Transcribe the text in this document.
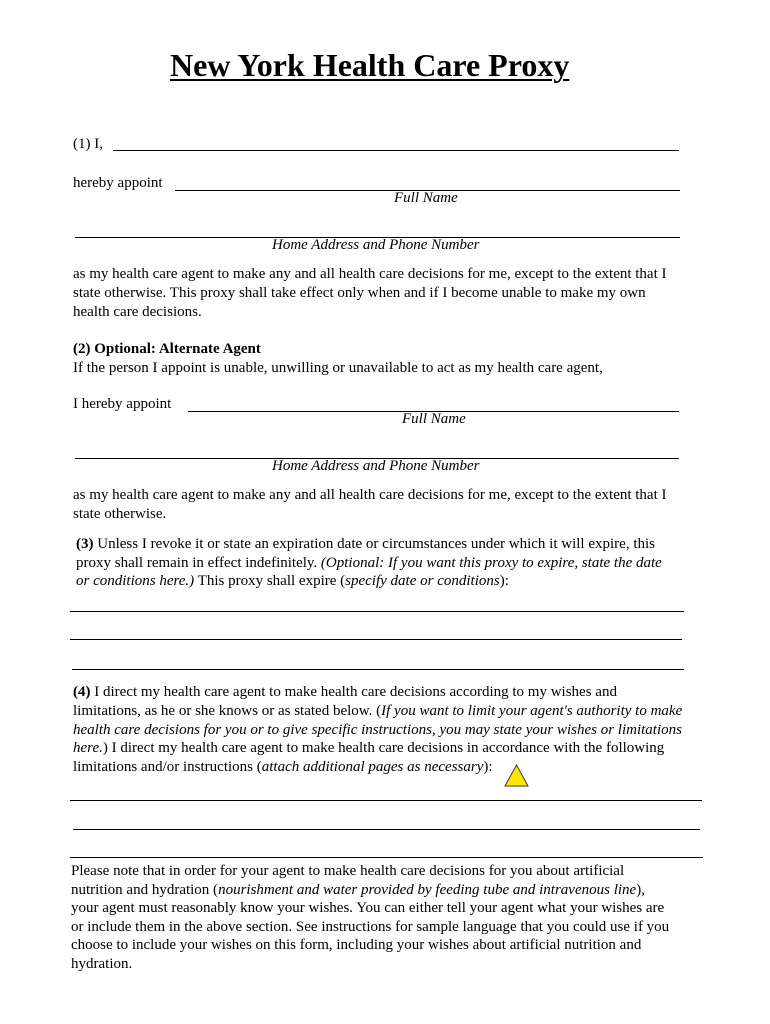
New York Health Care Proxy
(1) I,
hereby appoint
Full Name
Home Address and Phone Number
as my health care agent to make any and all health care decisions for me, except to the extent that I
state otherwise. This proxy shall take effect only when and if I become unable to make my own
health care decisions.
(2) Optional: Alternate Agent
If the person I appoint is unable, unwilling or unavailable to act as my health care agent,
I hereby appoint
Full Name
Home Address and Phone Number
as my health care agent to make any and all health care decisions for me, except to the extent that I
state otherwise.
(3) Unless I revoke it or state an expiration date or circumstances under which it will expire, this
proxy shall remain in effect indefinitely. (Optional: If you want this proxy to expire, state the date
or conditions here.) This proxy shall expire (specify date or conditions):
(4) I direct my health care agent to make health care decisions according to my wishes and
limitations, as he or she knows or as stated below. (If you want to limit your agent's authority to make
health care decisions for you or to give specific instructions, you may state your wishes or limitations
here.) I direct my health care agent to make health care decisions in accordance with the following
limitations and/or instructions (attach additional pages as necessary):
Please note that in order for your agent to make health care decisions for you about artificial
nutrition and hydration (nourishment and water provided by feeding tube and intravenous line),
your agent must reasonably know your wishes. You can either tell your agent what your wishes are
or include them in the above section. See instructions for sample language that you could use if you
choose to include your wishes on this form, including your wishes about artificial nutrition and
hydration.
